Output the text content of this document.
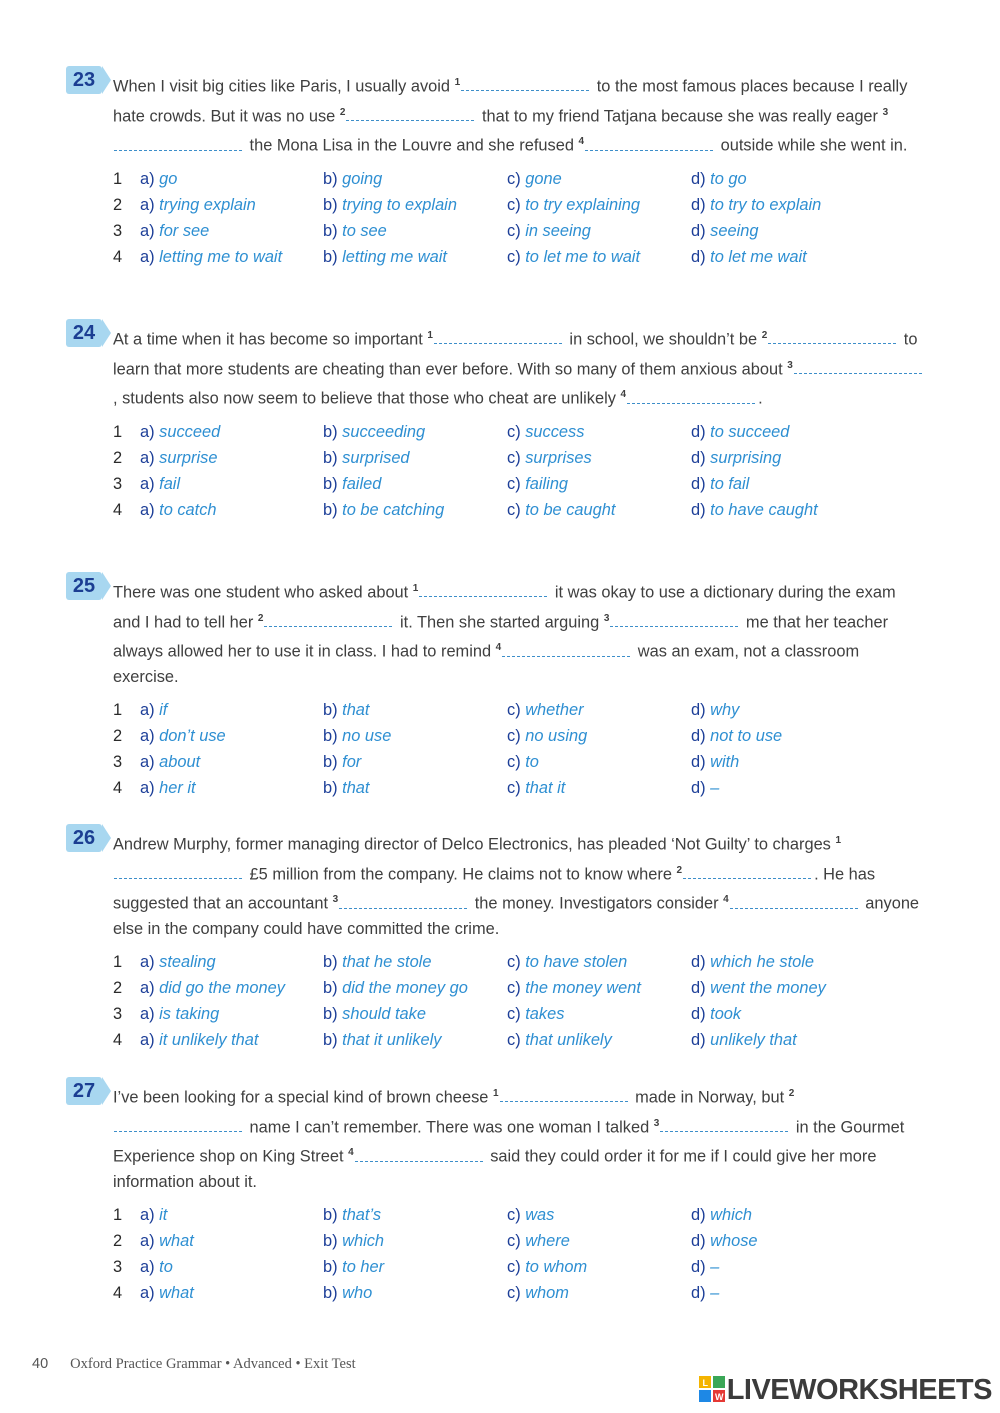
23	When I visit big cities like Paris, I usually avoid $^1$	to the most famous places because I really hate crowds. But it was no use $^2$	that to my friend Tatjana because she was really eager $^3$ the Mona Lisa in the Louvre and she refused $^4$	outside while she went in.
1 a) go	b) going	c) gone	d) to go
2 a) trying explain	b) trying to explain	c) to try explaining	d) to try to explain
3 a) for see	b) to see	c) in seeing	d) seeing
4 a) letting me to wait b) letting me wait	c) to let me to wait	d) to let me wait
24	At a time when it has become so important $^1$	in school, we shouldn’t be $^2$	to learn that more students are cheating than ever before. With so many of them anxious about $^3$, students also now seem to believe that those who cheat are unlikely $^4$	.
1 a) succeed	b) succeeding	c) success	d) to succeed
2 a) surprise	b) surprised	c) surprises	d) surprising
3 a) fail	b) failed	c) failing	d) to fail
4 a) to catch	b) to be catching	c) to be caught	d) to have caught
25	There was one student who asked about $^1$	it was okay to use a dictionary during the exam and I had to tell her $^2$	it. Then she started arguing $^3$	me that her teacher always allowed her to use it in class. I had to remind $^4$	was an exam, not a classroom exercise.
1 a) if	b) that	c) whether	d) why
2 a) don’t use	b) no use	c) no using	d) not to use
3 a) about	b) for	c) to	d) with
4 a) her it	b) that	c) that it	d) –
26	Andrew Murphy, former managing director of Delco Electronics, has pleaded ‘Not Guilty’ to charges $^1$ £5 million from the company. He claims not to know where $^2$	. He has suggested that an accountant $^3$	the money. Investigators consider $^4$	anyone else in the company could have committed the crime.
1 a) stealing	b) that he stole	c) to have stolen	d) which he stole
2 a) did go the money b) did the money go c) the money went	d) went the money
3 a) is taking	b) should take	c) takes	d) took
4 a) it unlikely that	b) that it unlikely	c) that unlikely	d) unlikely that
27	I’ve been looking for a special kind of brown cheese $^1$	made in Norway, but $^2$ name I can’t remember. There was one woman I talked $^3$	in the Gourmet Experience shop on King Street $^4$	said they could order it for me if I could give her more information about it.
1 a) it	b) that’s	c) was	d) which
2 a) what	b) which	c) where	d) whose
3 a) to	b) to her	c) to whom	d) –
4 a) what	b) who	c) whom	d) –
40 Oxford Practice Grammar • Advanced • Exit Test
L
W LIVEWORKSHEETS
